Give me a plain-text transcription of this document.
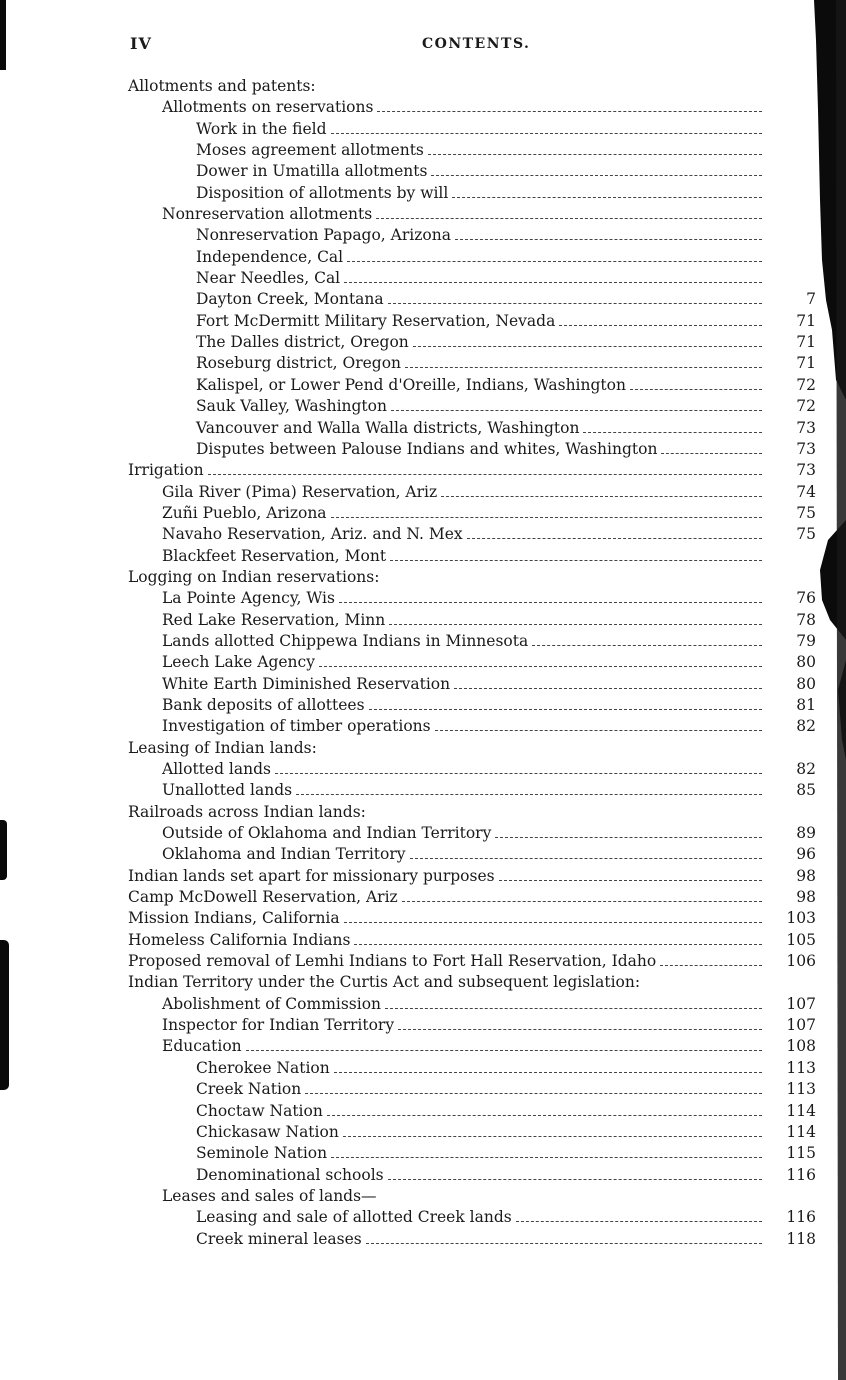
IV	CONTENTS.
Allotments and patents:
Allotments on reservations
Work in the field
Moses agreement allotments
Dower in Umatilla allotments
Disposition of allotments by will
Nonreservation allotments
Nonreservation Papago, Arizona
Independence, Cal
Near Needles, Cal
Dayton Creek, Montana	7
Fort McDermitt Military Reservation, Nevada	71
The Dalles district, Oregon	71
Roseburg district, Oregon	71
Kalispel, or Lower Pend d'Oreille, Indians, Washington	72
Sauk Valley, Washington	72
Vancouver and Walla Walla districts, Washington	73
Disputes between Palouse Indians and whites, Washington	73
Irrigation	73
Gila River (Pima) Reservation, Ariz	74
Zuñi Pueblo, Arizona	75
Navaho Reservation, Ariz. and N. Mex	75
Blackfeet Reservation, Mont
Logging on Indian reservations:
La Pointe Agency, Wis	76
Red Lake Reservation, Minn	78
Lands allotted Chippewa Indians in Minnesota	79
Leech Lake Agency	80
White Earth Diminished Reservation	80
Bank deposits of allottees	81
Investigation of timber operations	82
Leasing of Indian lands:
Allotted lands	82
Unallotted lands	85
Railroads across Indian lands:
Outside of Oklahoma and Indian Territory	89
Oklahoma and Indian Territory	96
Indian lands set apart for missionary purposes	98
Camp McDowell Reservation, Ariz	98
Mission Indians, California	103
Homeless California Indians	105
Proposed removal of Lemhi Indians to Fort Hall Reservation, Idaho	106
Indian Territory under the Curtis Act and subsequent legislation:
Abolishment of Commission	107
Inspector for Indian Territory	107
Education	108
Cherokee Nation	113
Creek Nation	113
Choctaw Nation	114
Chickasaw Nation	114
Seminole Nation	115
Denominational schools	116
Leases and sales of lands—
Leasing and sale of allotted Creek lands	116
Creek mineral leases	118
